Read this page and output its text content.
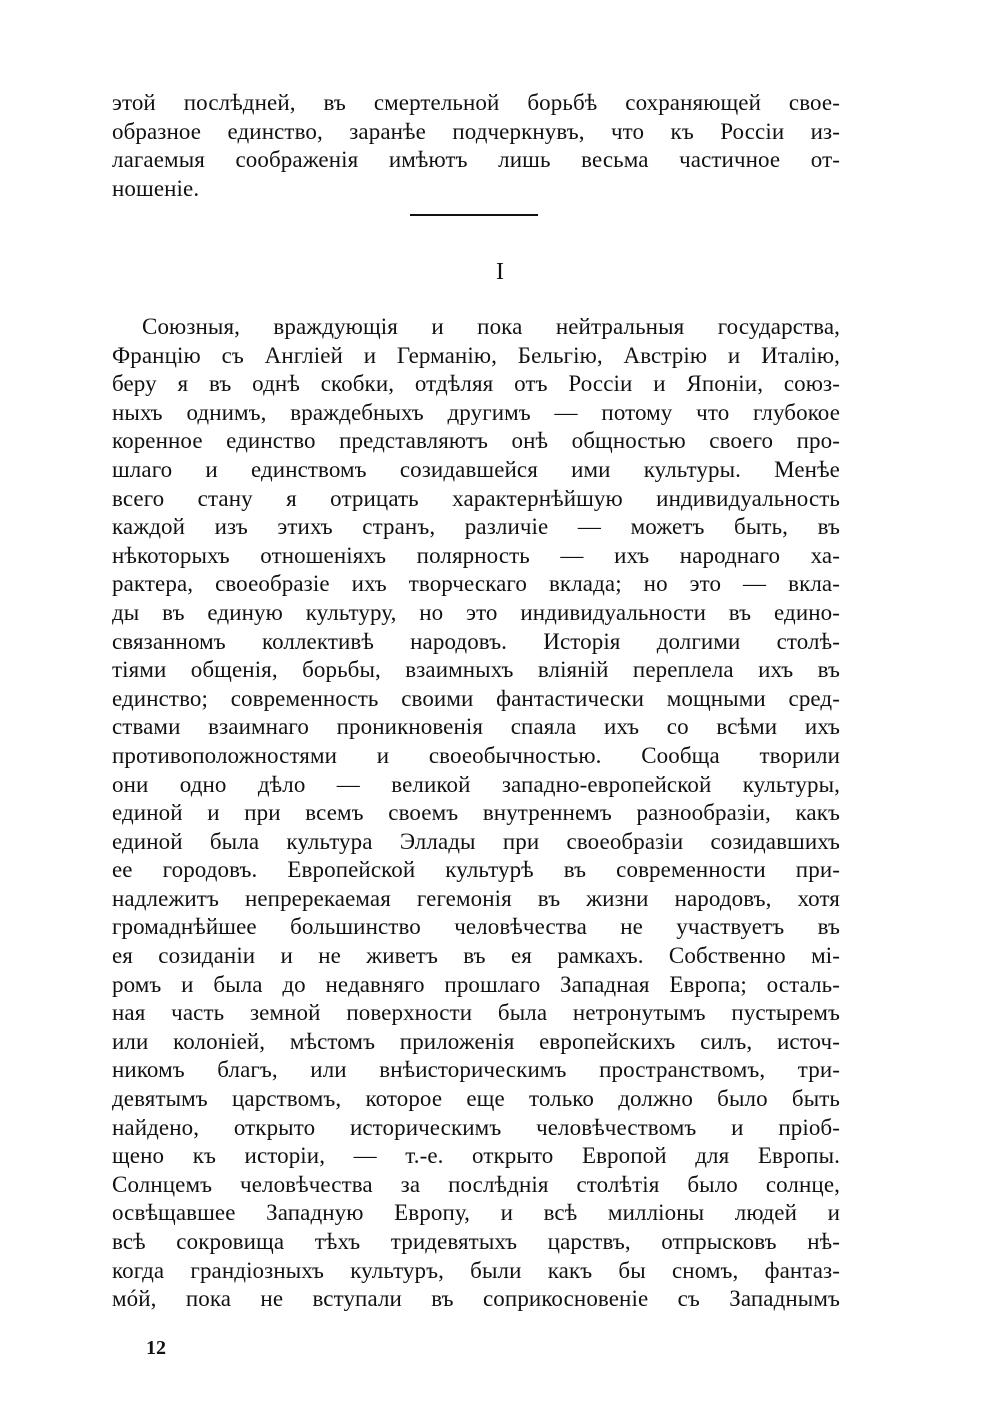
этой послѣдней, въ смертельной борьбѣ сохраняющей свое-
образное единство, заранѣе подчеркнувъ, что къ Россіи из-
лагаемыя соображенія имѣютъ лишь весьма частичное от-
ношеніе.
I
Союзныя, враждующія и пока нейтральныя государства,
Францію съ Англіей и Германію, Бельгію, Австрію и Италію,
беру я въ однѣ скобки, отдѣляя отъ Россіи и Японіи, союз-
ныхъ однимъ, враждебныхъ другимъ — потому что глубокое
коренное единство представляютъ онѣ общностью своего про-
шлаго и единствомъ созидавшейся ими культуры. Менѣе
всего стану я отрицать характернѣйшую индивидуальность
каждой изъ этихъ странъ, различіе — можетъ быть, въ
нѣкоторыхъ отношеніяхъ полярность — ихъ народнаго ха-
рактера, своеобразіе ихъ творческаго вклада; но это — вкла-
ды въ единую культуру, но это индивидуальности въ едино-
связанномъ коллективѣ народовъ. Исторія долгими столѣ-
тіями общенія, борьбы, взаимныхъ вліяній переплела ихъ въ
единство; современность своими фантастически мощными сред-
ствами взаимнаго проникновенія спаяла ихъ со всѣми ихъ
противоположностями и своеобычностью. Сообща творили
они одно дѣло — великой западно-европейской культуры,
единой и при всемъ своемъ внутреннемъ разнообразіи, какъ
единой была культура Эллады при своеобразіи созидавшихъ
ее городовъ. Европейской культурѣ въ современности при-
надлежитъ непререкаемая гегемонія въ жизни народовъ, хотя
громаднѣйшее большинство человѣчества не участвуетъ въ
ея созиданіи и не живетъ въ ея рамкахъ. Собственно мі-
ромъ и была до недавняго прошлаго Западная Европа; осталь-
ная часть земной поверхности была нетронутымъ пустыремъ
или колоніей, мѣстомъ приложенія европейскихъ силъ, источ-
никомъ благъ, или внѣисторическимъ пространствомъ, три-
девятымъ царствомъ, которое еще только должно было быть
найдено, открыто историческимъ человѣчествомъ и пріоб-
щено къ исторіи, — т.-е. открыто Европой для Европы.
Солнцемъ человѣчества за послѣднія столѣтія было солнце,
освѣщавшее Западную Европу, и всѣ милліоны людей и
всѣ сокровища тѣхъ тридевятыхъ царствъ, отпрысковъ нѣ-
когда грандіозныхъ культуръ, были какъ бы сномъ, фантаз-
мóй, пока не вступали въ соприкосновеніе съ Западнымъ
12
